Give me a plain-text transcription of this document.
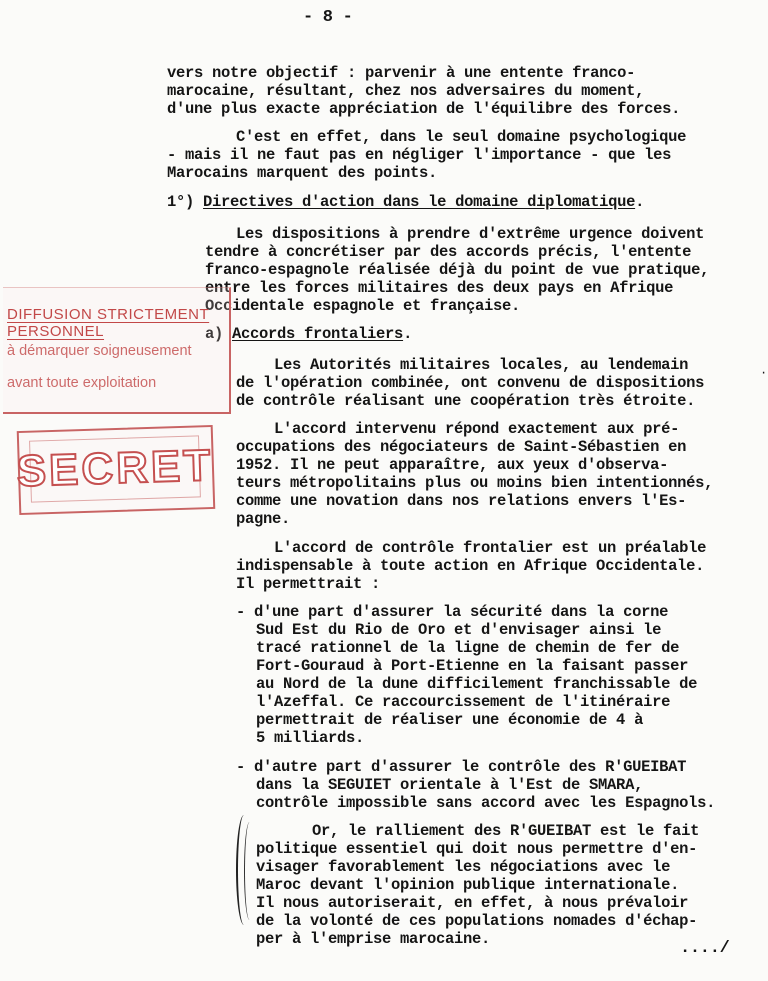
- 8 -
vers notre objectif : parvenir à une entente franco-
marocaine, résultant, chez nos adversaires du moment,
d'une plus exacte appréciation de l'équilibre des forces.
C'est en effet, dans le seul domaine psychologique
- mais il ne faut pas en négliger l'importance - que les
Marocains marquent des points.
1°) Directives d'action dans le domaine diplomatique.
Les dispositions à prendre d'extrême urgence doivent
tendre à concrétiser par des accords précis, l'entente
franco-espagnole réalisée déjà du point de vue pratique,
entre les forces militaires des deux pays en Afrique
Occidentale espagnole et française.
a) Accords frontaliers.
Les Autorités militaires locales, au lendemain
de l'opération combinée, ont convenu de dispositions
de contrôle réalisant une coopération très étroite.
L'accord intervenu répond exactement aux pré-
occupations des négociateurs de Saint-Sébastien en
1952. Il ne peut apparaître, aux yeux d'observa-
teurs métropolitains plus ou moins bien intentionnés,
comme une novation dans nos relations envers l'Es-
pagne.
L'accord de contrôle frontalier est un préalable
indispensable à toute action en Afrique Occidentale.
Il permettrait :
- d'une part d'assurer la sécurité dans la corne
Sud Est du Rio de Oro et d'envisager ainsi le
tracé rationnel de la ligne de chemin de fer de
Fort-Gouraud à Port-Etienne en la faisant passer
au Nord de la dune difficilement franchissable de
l'Azeffal. Ce raccourcissement de l'itinéraire
permettrait de réaliser une économie de 4 à
5 milliards.
- d'autre part d'assurer le contrôle des R'GUEIBAT
dans la SEGUIET orientale à l'Est de SMARA,
contrôle impossible sans accord avec les Espagnols.
Or, le ralliement des R'GUEIBAT est le fait
politique essentiel qui doit nous permettre d'en-
visager favorablement les négociations avec le
Maroc devant l'opinion publique internationale.
Il nous autoriserait, en effet, à nous prévaloir
de la volonté de ces populations nomades d'échap-
per à l'emprise marocaine.	..../
·
DIFFUSION STRICTEMENT PERSONNEL
à démarquer soigneusement
avant toute exploitation
SECRET
